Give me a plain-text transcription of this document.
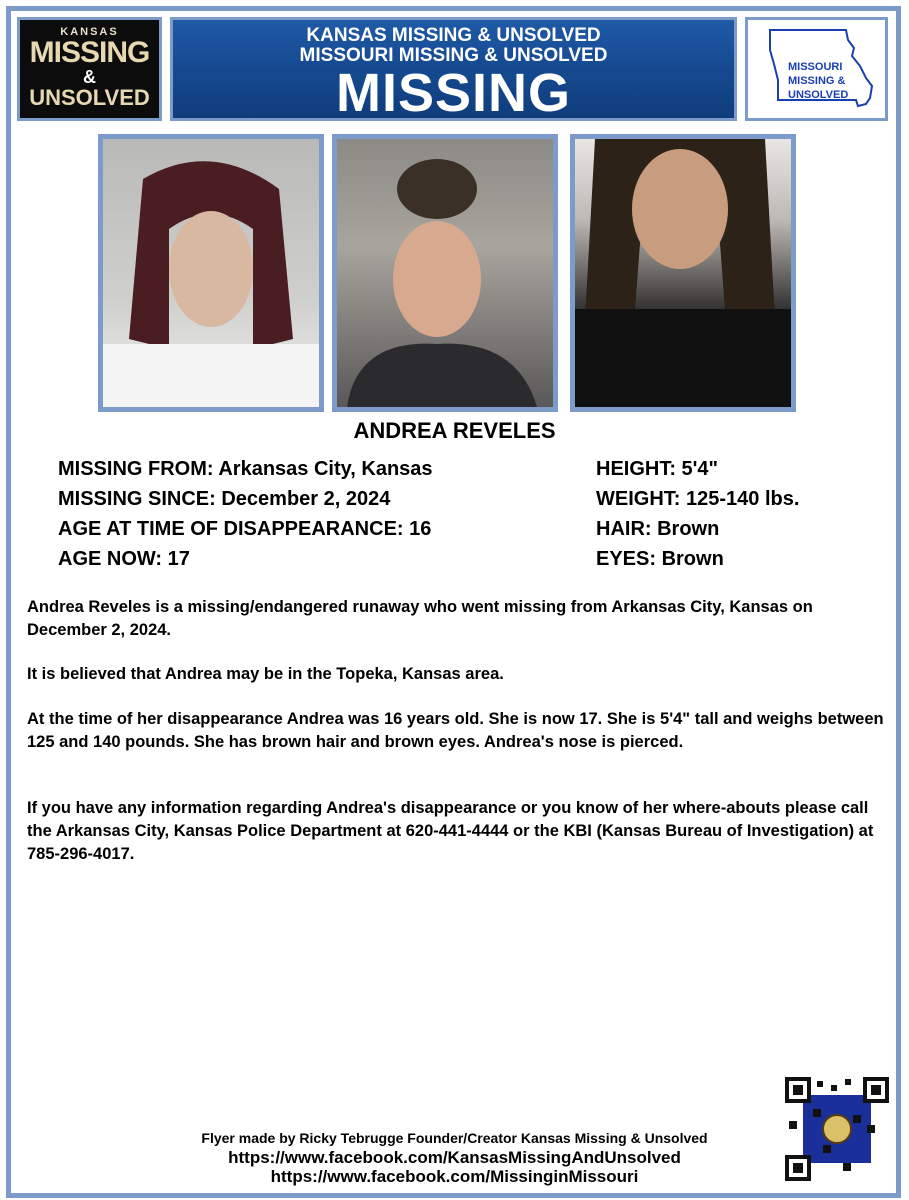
KANSAS
MISSING
&
UNSOLVED
KANSAS MISSING & UNSOLVED
MISSOURI MISSING & UNSOLVED
MISSING	MISSOURI
MISSING &
UNSOLVED
ANDREA REVELES
MISSING FROM: Arkansas City, Kansas
MISSING SINCE: December 2, 2024
AGE AT TIME OF DISAPPEARANCE: 16
AGE NOW: 17
HEIGHT: 5'4"
WEIGHT: 125-140 lbs.
HAIR: Brown
EYES: Brown
Andrea Reveles is a missing/endangered runaway who went missing from Arkansas City, Kansas on December 2, 2024.
It is believed that Andrea may be in the Topeka, Kansas area.
At the time of her disappearance Andrea was 16 years old. She is now 17. She is 5'4" tall and weighs between 125 and 140 pounds. She has brown hair and brown eyes. Andrea's nose is pierced.
If you have any information regarding Andrea's disappearance or you know of her where-abouts please call the Arkansas City, Kansas Police Department at 620-441-4444 or the KBI (Kansas Bureau of Investigation) at 785-296-4017.
Flyer made by Ricky Tebrugge Founder/Creator Kansas Missing & Unsolved
https://www.facebook.com/KansasMissingAndUnsolved
https://www.facebook.com/MissinginMissouri
